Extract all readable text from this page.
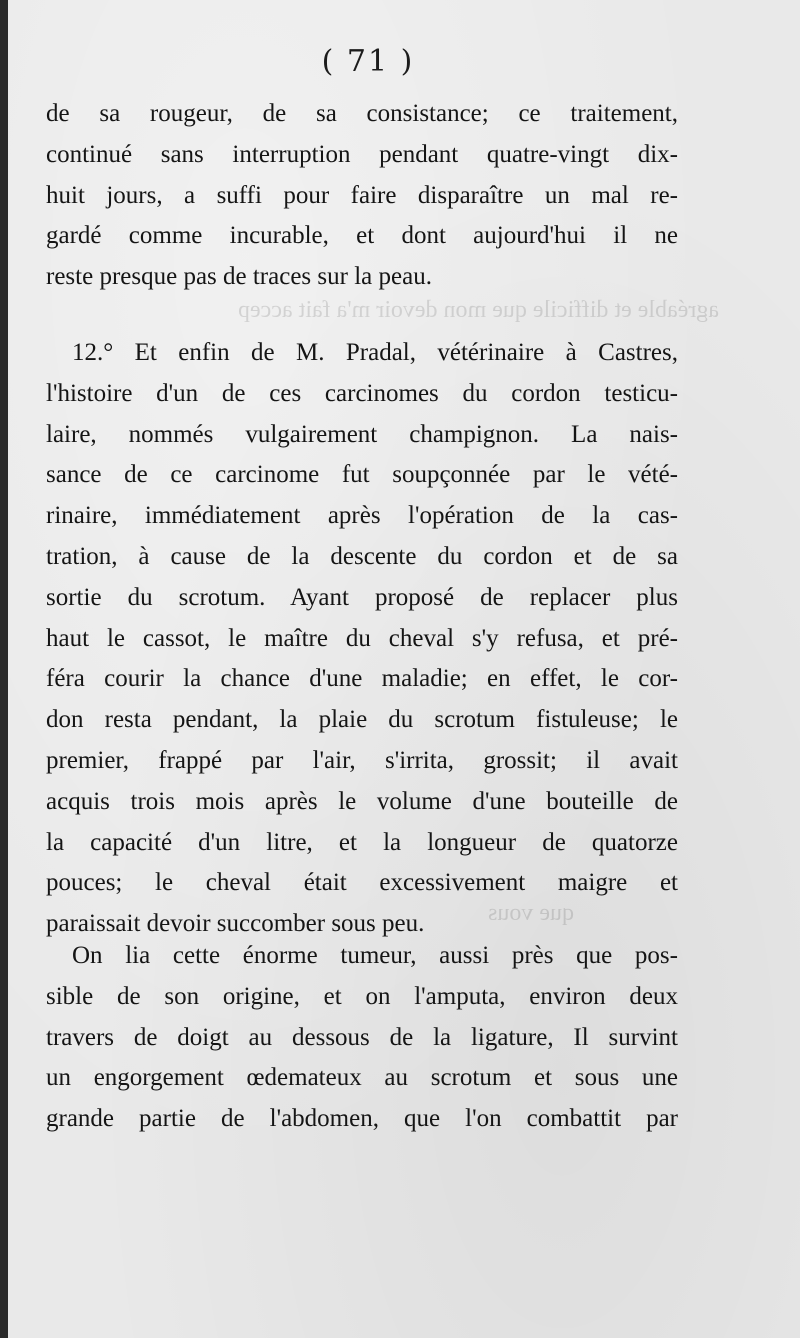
agréable et difficile que mon devoir m'a fait accep
que vous
( 71 )
de sa rougeur, de sa consistance; ce traitement,
continué sans interruption pendant quatre-vingt dix-
huit jours, a suffi pour faire disparaître un mal re-
gardé comme incurable, et dont aujourd'hui il ne
reste presque pas de traces sur la peau.
12.° Et enfin de M. Pradal, vétérinaire à Castres,
l'histoire d'un de ces carcinomes du cordon testicu-
laire, nommés vulgairement champignon. La nais-
sance de ce carcinome fut soupçonnée par le vété-
rinaire, immédiatement après l'opération de la cas-
tration, à cause de la descente du cordon et de sa
sortie du scrotum. Ayant proposé de replacer plus
haut le cassot, le maître du cheval s'y refusa, et pré-
féra courir la chance d'une maladie; en effet, le cor-
don resta pendant, la plaie du scrotum fistuleuse; le
premier, frappé par l'air, s'irrita, grossit; il avait
acquis trois mois après le volume d'une bouteille de
la capacité d'un litre, et la longueur de quatorze
pouces; le cheval était excessivement maigre et
paraissait devoir succomber sous peu.
On lia cette énorme tumeur, aussi près que pos-
sible de son origine, et on l'amputa, environ deux
travers de doigt au dessous de la ligature, Il survint
un engorgement œdemateux au scrotum et sous une
grande partie de l'abdomen, que l'on combattit par
